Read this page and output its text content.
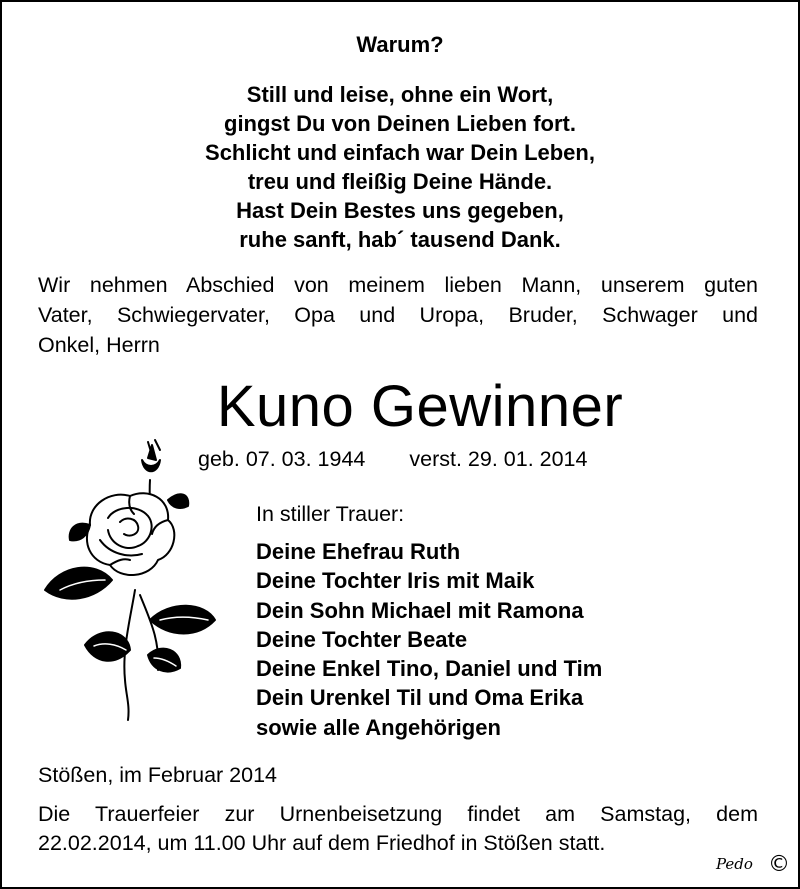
Warum?
Still und leise, ohne ein Wort,
gingst Du von Deinen Lieben fort.
Schlicht und einfach war Dein Leben,
treu und fleißig Deine Hände.
Hast Dein Bestes uns gegeben,
ruhe sanft, hab´ tausend Dank.
Wir nehmen Abschied von meinem lieben Mann, unserem guten
Vater, Schwiegervater, Opa und Uropa, Bruder, Schwager und
Onkel, Herrn
Kuno Gewinner
geb. 07. 03. 1944 verst. 29. 01. 2014
In stiller Trauer:
Deine Ehefrau Ruth
Deine Tochter Iris mit Maik
Dein Sohn Michael mit Ramona
Deine Tochter Beate
Deine Enkel Tino, Daniel und Tim
Dein Urenkel Til und Oma Erika
sowie alle Angehörigen
Stößen, im Februar 2014
Die Trauerfeier zur Urnenbeisetzung findet am Samstag, dem
22.02.2014, um 11.00 Uhr auf dem Friedhof in Stößen statt.
Pedo ©
